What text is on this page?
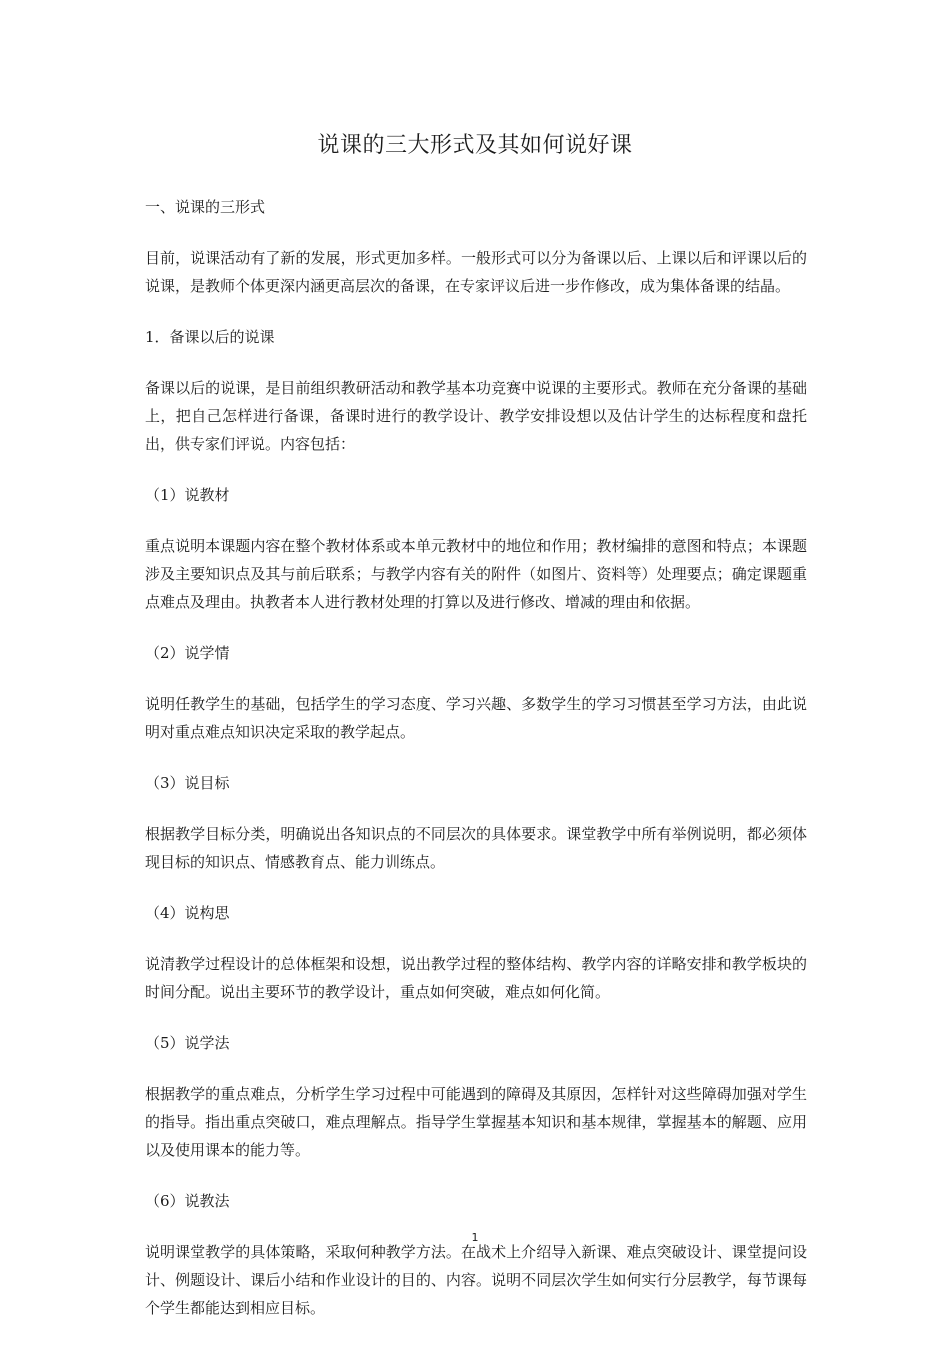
说课的三大形式及其如何说好课
一、说课的三形式
目前，说课活动有了新的发展，形式更加多样。一般形式可以分为备课以后、上课以后和评课以后的说课，是教师个体更深内涵更高层次的备课，在专家评议后进一步作修改，成为集体备课的结晶。
1．备课以后的说课
备课以后的说课，是目前组织教研活动和教学基本功竞赛中说课的主要形式。教师在充分备课的基础上，把自己怎样进行备课，备课时进行的教学设计、教学安排设想以及估计学生的达标程度和盘托出，供专家们评说。内容包括：
（1）说教材
重点说明本课题内容在整个教材体系或本单元教材中的地位和作用；教材编排的意图和特点；本课题涉及主要知识点及其与前后联系；与教学内容有关的附件（如图片、资料等）处理要点；确定课题重点难点及理由。执教者本人进行教材处理的打算以及进行修改、增减的理由和依据。
（2）说学情
说明任教学生的基础，包括学生的学习态度、学习兴趣、多数学生的学习习惯甚至学习方法，由此说明对重点难点知识决定采取的教学起点。
（3）说目标
根据教学目标分类，明确说出各知识点的不同层次的具体要求。课堂教学中所有举例说明，都必须体现目标的知识点、情感教育点、能力训练点。
（4）说构思
说清教学过程设计的总体框架和设想，说出教学过程的整体结构、教学内容的详略安排和教学板块的时间分配。说出主要环节的教学设计，重点如何突破，难点如何化简。
（5）说学法
根据教学的重点难点，分析学生学习过程中可能遇到的障碍及其原因，怎样针对这些障碍加强对学生的指导。指出重点突破口，难点理解点。指导学生掌握基本知识和基本规律，掌握基本的解题、应用以及使用课本的能力等。
（6）说教法
说明课堂教学的具体策略，采取何种教学方法。在战术上介绍导入新课、难点突破设计、课堂提问设计、例题设计、课后小结和作业设计的目的、内容。说明不同层次学生如何实行分层教学，每节课每个学生都能达到相应目标。
1
